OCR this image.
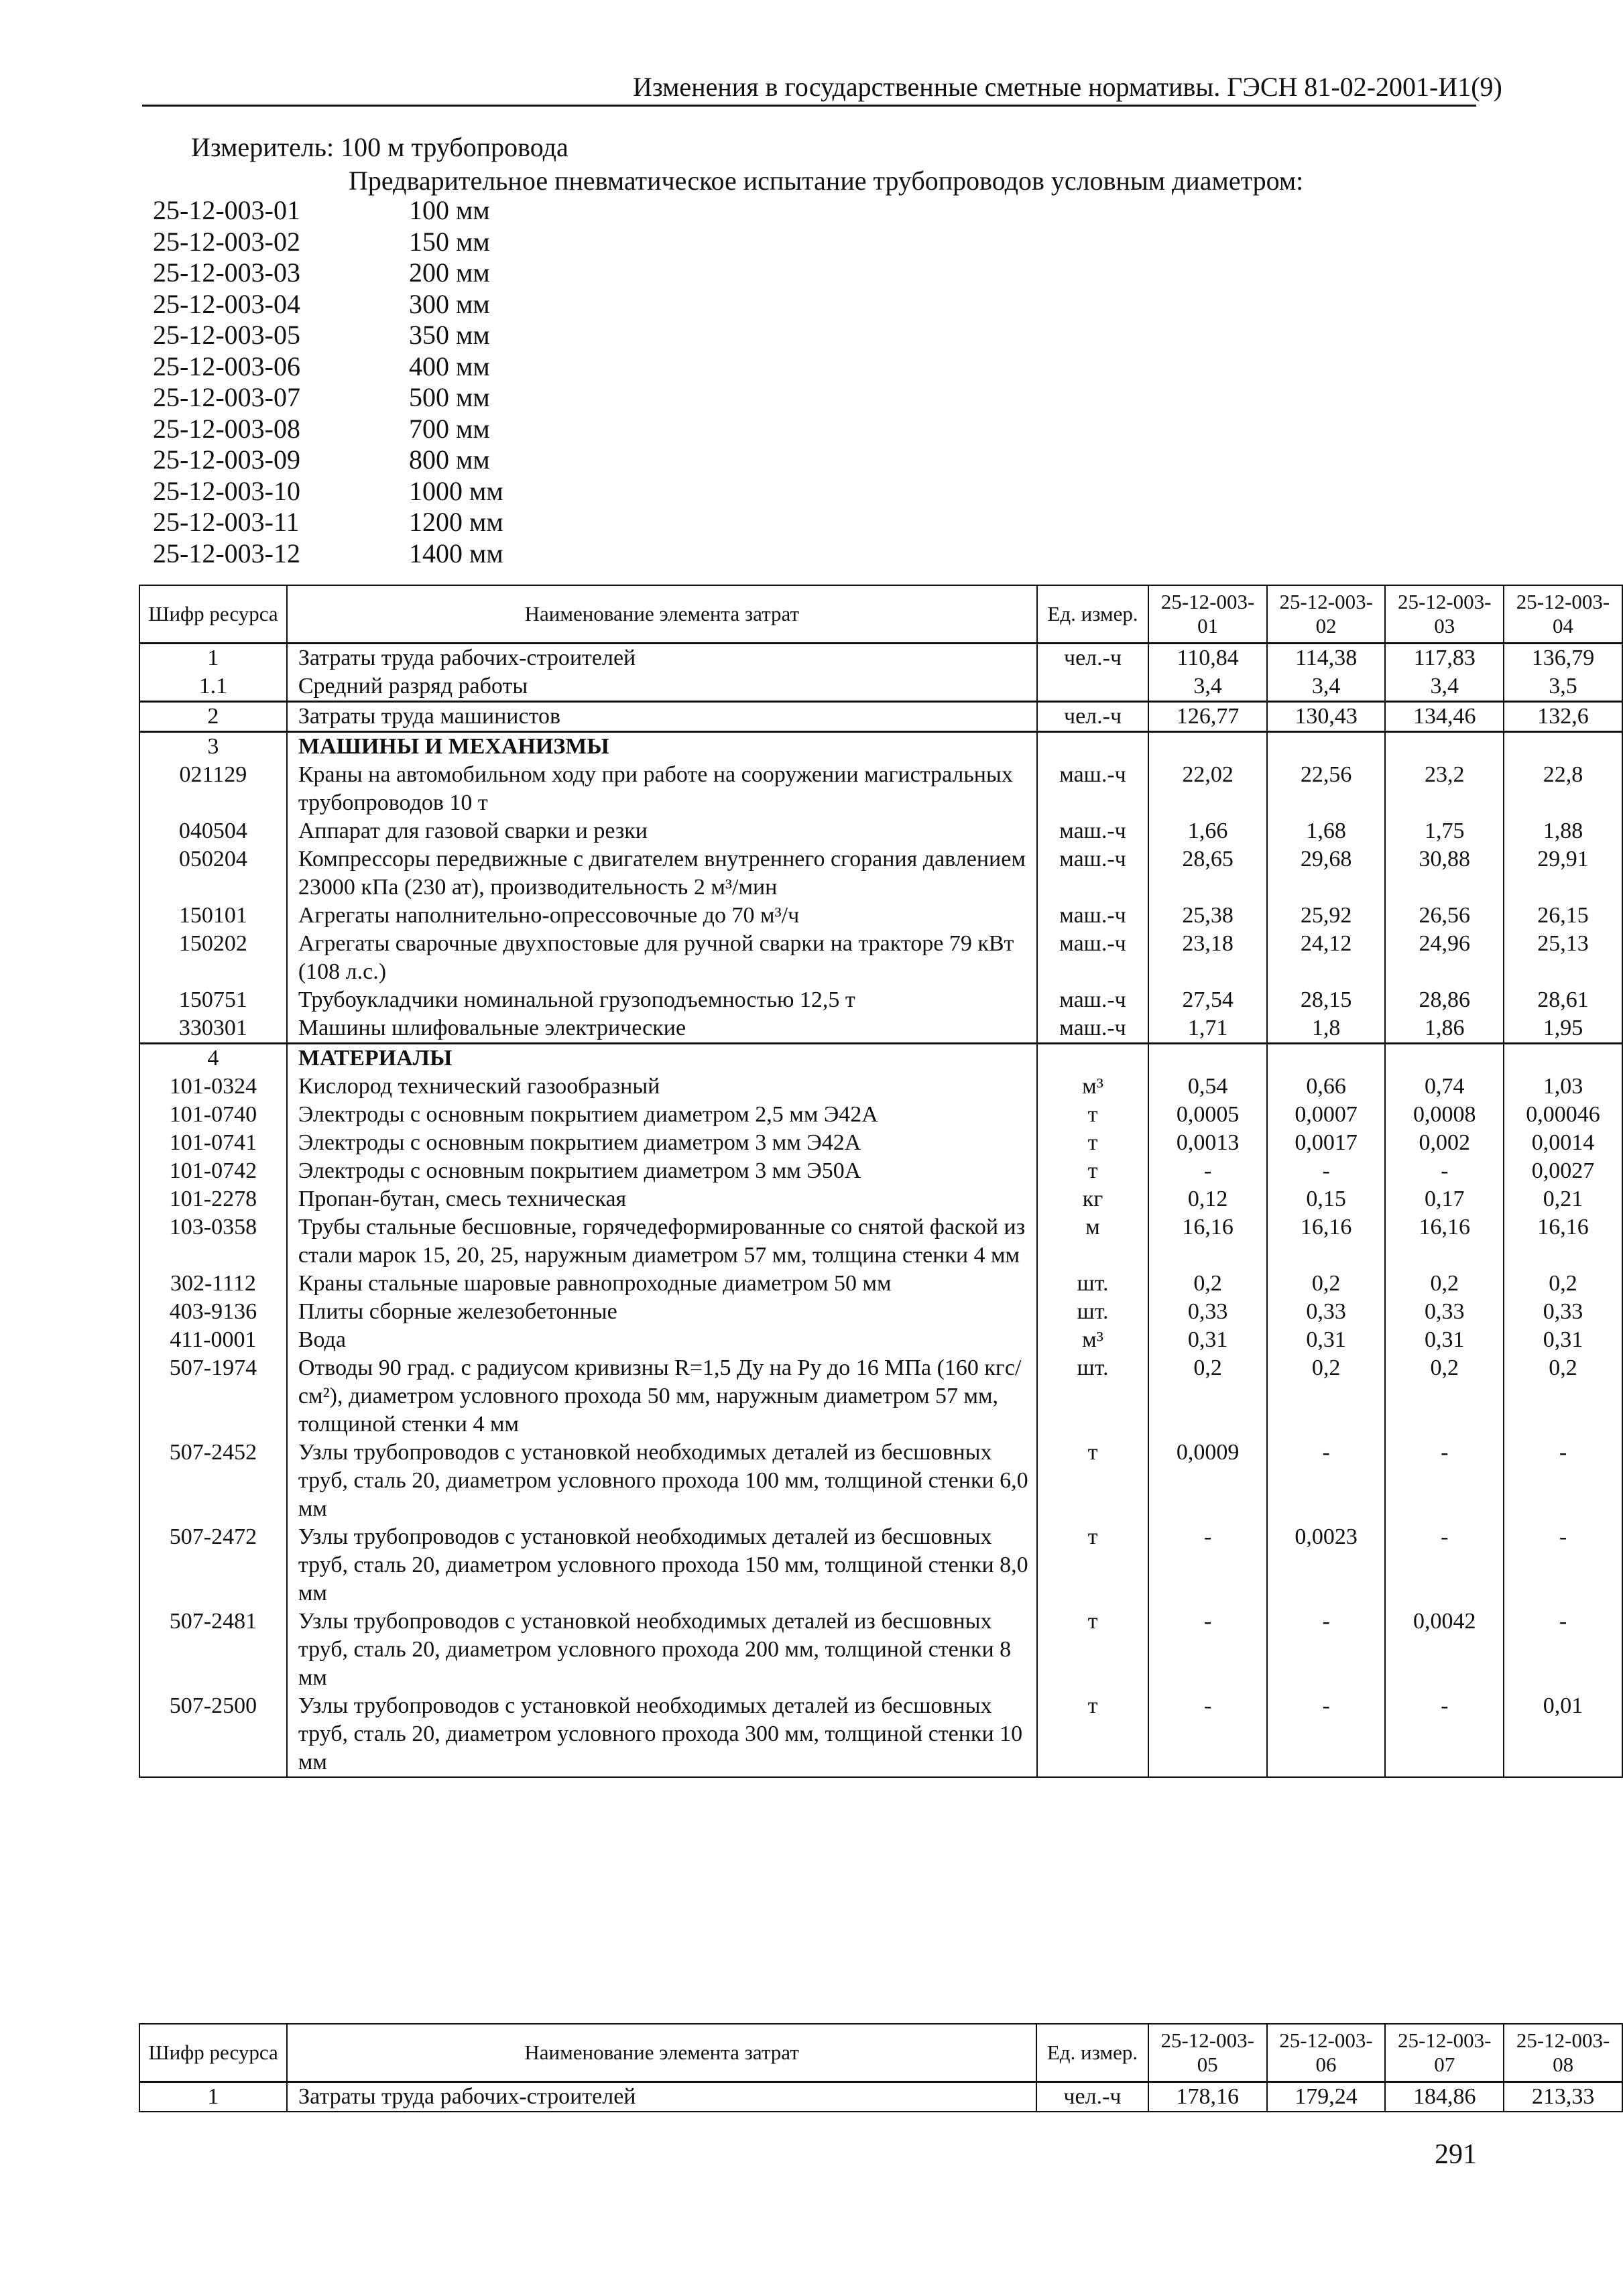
Изменения в государственные сметные нормативы. ГЭСН 81-02-2001-И1(9)
Измеритель: 100 м трубопровода
Предварительное пневматическое испытание трубопроводов условным диаметром:
25-12-003-01	100 мм
25-12-003-02	150 мм
25-12-003-03	200 мм
25-12-003-04	300 мм
25-12-003-05	350 мм
25-12-003-06	400 мм
25-12-003-07	500 мм
25-12-003-08	700 мм
25-12-003-09	800 мм
25-12-003-10	1000 мм
25-12-003-11	1200 мм
25-12-003-12	1400 мм
Шифр ресурса	Наименование элемента затрат	Ед. измер.	25-12-003-01	25-12-003-02	25-12-003-03	25-12-003-04
1	Затраты труда рабочих-строителей	чел.-ч	110,84	114,38	117,83	136,79
1.1	Средний разряд работы		3,4	3,4	3,4	3,5
2	Затраты труда машинистов	чел.-ч	126,77	130,43	134,46	132,6
3	МАШИНЫ И МЕХАНИЗМЫ					
021129	Краны на автомобильном ходу при работе на сооружении магистральных трубопроводов 10 т	маш.-ч	22,02	22,56	23,2	22,8
040504	Аппарат для газовой сварки и резки	маш.-ч	1,66	1,68	1,75	1,88
050204	Компрессоры передвижные с двигателем внутреннего сгорания давлением 23000 кПа (230 ат), производительность 2 м³/мин	маш.-ч	28,65	29,68	30,88	29,91
150101	Агрегаты наполнительно-опрессовочные до 70 м³/ч	маш.-ч	25,38	25,92	26,56	26,15
150202	Агрегаты сварочные двухпостовые для ручной сварки на тракторе 79 кВт (108 л.с.)	маш.-ч	23,18	24,12	24,96	25,13
150751	Трубоукладчики номинальной грузоподъемностью 12,5 т	маш.-ч	27,54	28,15	28,86	28,61
330301	Машины шлифовальные электрические	маш.-ч	1,71	1,8	1,86	1,95
4	МАТЕРИАЛЫ					
101-0324	Кислород технический газообразный	м³	0,54	0,66	0,74	1,03
101-0740	Электроды с основным покрытием диаметром 2,5 мм Э42А	т	0,0005	0,0007	0,0008	0,00046
101-0741	Электроды с основным покрытием диаметром 3 мм Э42А	т	0,0013	0,0017	0,002	0,0014
101-0742	Электроды с основным покрытием диаметром 3 мм Э50А	т	-	-	-	0,0027
101-2278	Пропан-бутан, смесь техническая	кг	0,12	0,15	0,17	0,21
103-0358	Трубы стальные бесшовные, горячедеформированные со снятой фаской из стали марок 15, 20, 25, наружным диаметром 57 мм, толщина стенки 4 мм	м	16,16	16,16	16,16	16,16
302-1112	Краны стальные шаровые равнопроходные диаметром 50 мм	шт.	0,2	0,2	0,2	0,2
403-9136	Плиты сборные железобетонные	шт.	0,33	0,33	0,33	0,33
411-0001	Вода	м³	0,31	0,31	0,31	0,31
507-1974	Отводы 90 град. с радиусом кривизны R=1,5 Ду на Ру до 16 МПа (160 кгс/см²), диаметром условного прохода 50 мм, наружным диаметром 57 мм, толщиной стенки 4 мм	шт.	0,2	0,2	0,2	0,2
507-2452	Узлы трубопроводов с установкой необходимых деталей из бесшовных труб, сталь 20, диаметром условного прохода 100 мм, толщиной стенки 6,0 мм	т	0,0009	-	-	-
507-2472	Узлы трубопроводов с установкой необходимых деталей из бесшовных труб, сталь 20, диаметром условного прохода 150 мм, толщиной стенки 8,0 мм	т	-	0,0023	-	-
507-2481	Узлы трубопроводов с установкой необходимых деталей из бесшовных труб, сталь 20, диаметром условного прохода 200 мм, толщиной стенки 8 мм	т	-	-	0,0042	-
507-2500	Узлы трубопроводов с установкой необходимых деталей из бесшовных труб, сталь 20, диаметром условного прохода 300 мм, толщиной стенки 10 мм	т	-	-	-	0,01
Шифр ресурса	Наименование элемента затрат	Ед. измер.	25-12-003-05	25-12-003-06	25-12-003-07	25-12-003-08
1	Затраты труда рабочих-строителей	чел.-ч	178,16	179,24	184,86	213,33
291
